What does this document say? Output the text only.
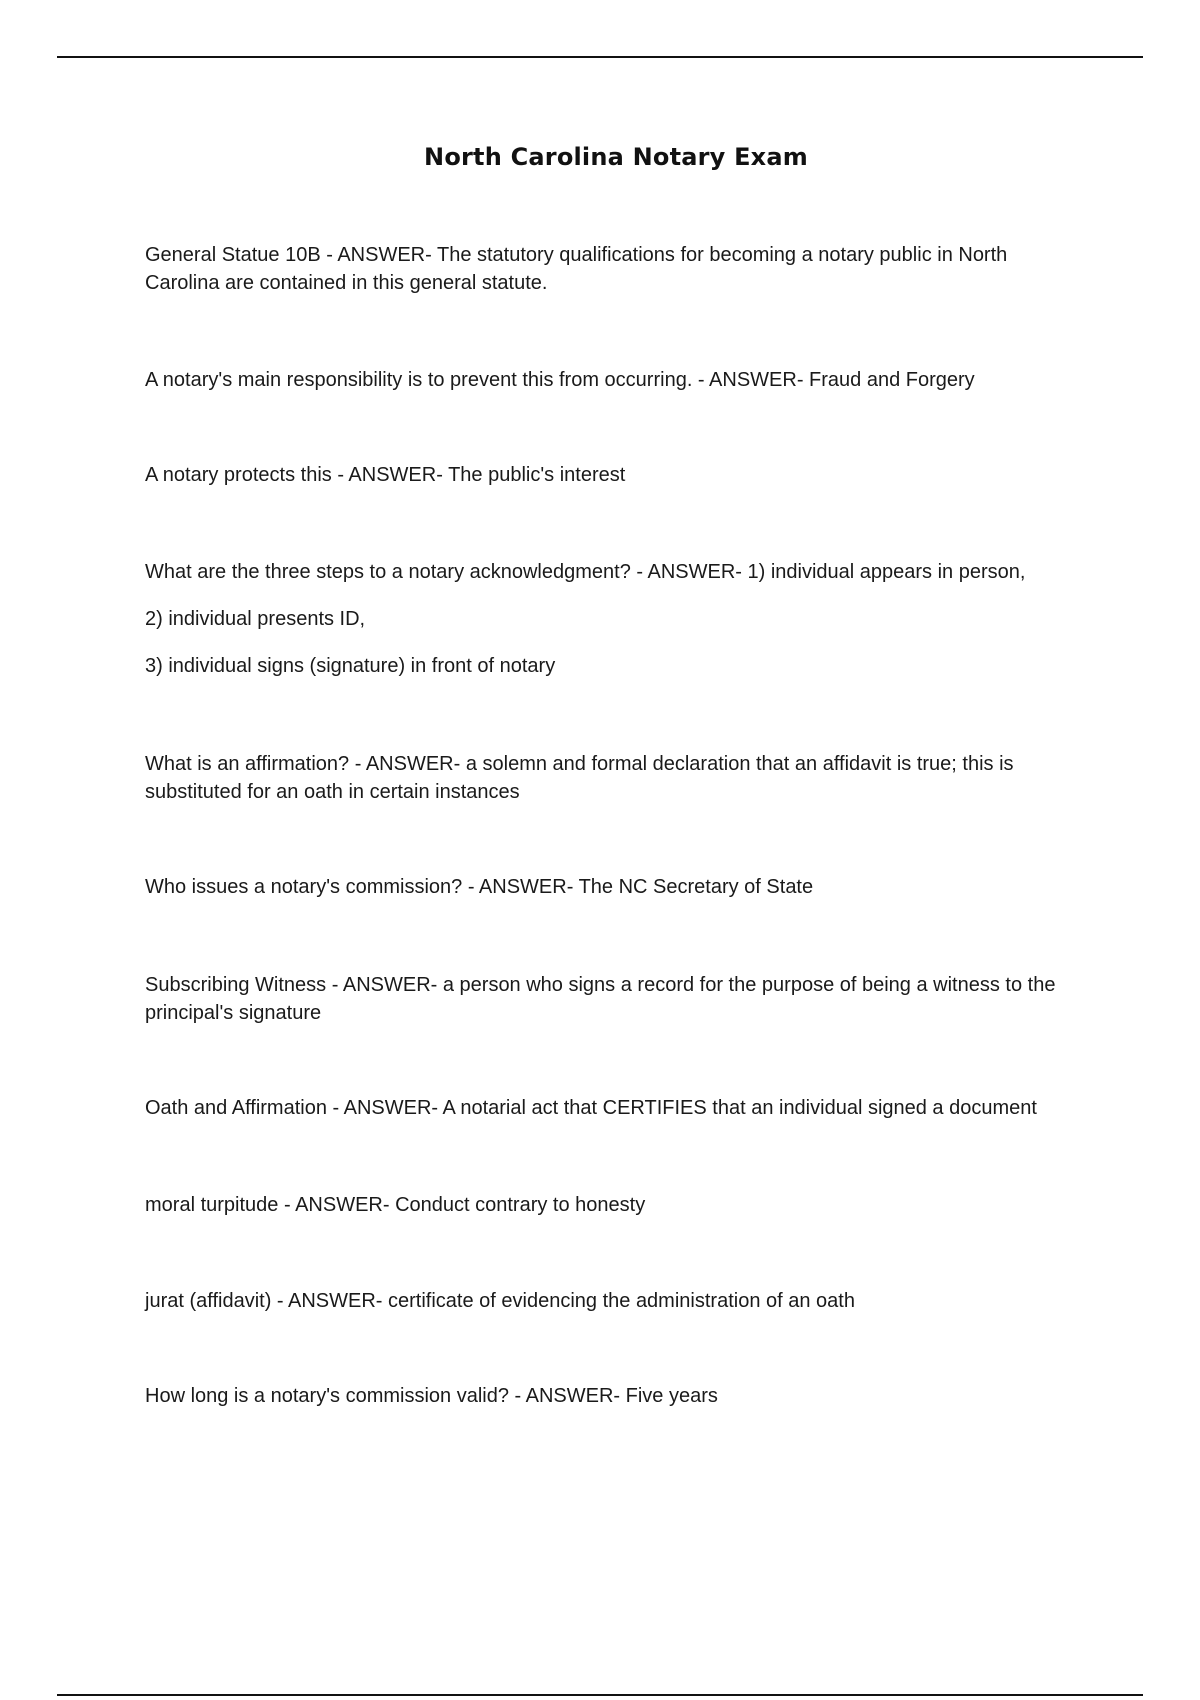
North Carolina Notary Exam

General Statue 10B - ANSWER- The statutory qualifications for becoming a notary public in North Carolina are contained in this general statute.

A notary's main responsibility is to prevent this from occurring. - ANSWER- Fraud and Forgery

A notary protects this - ANSWER- The public's interest

What are the three steps to a notary acknowledgment? - ANSWER- 1) individual appears in person,
2) individual presents ID,
3) individual signs (signature) in front of notary

What is an affirmation? - ANSWER- a solemn and formal declaration that an affidavit is true; this is substituted for an oath in certain instances

Who issues a notary's commission? - ANSWER- The NC Secretary of State

Subscribing Witness - ANSWER- a person who signs a record for the purpose of being a witness to the principal's signature

Oath and Affirmation - ANSWER- A notarial act that CERTIFIES that an individual signed a document

moral turpitude - ANSWER- Conduct contrary to honesty

jurat (affidavit) - ANSWER- certificate of evidencing the administration of an oath

How long is a notary's commission valid? - ANSWER- Five years
